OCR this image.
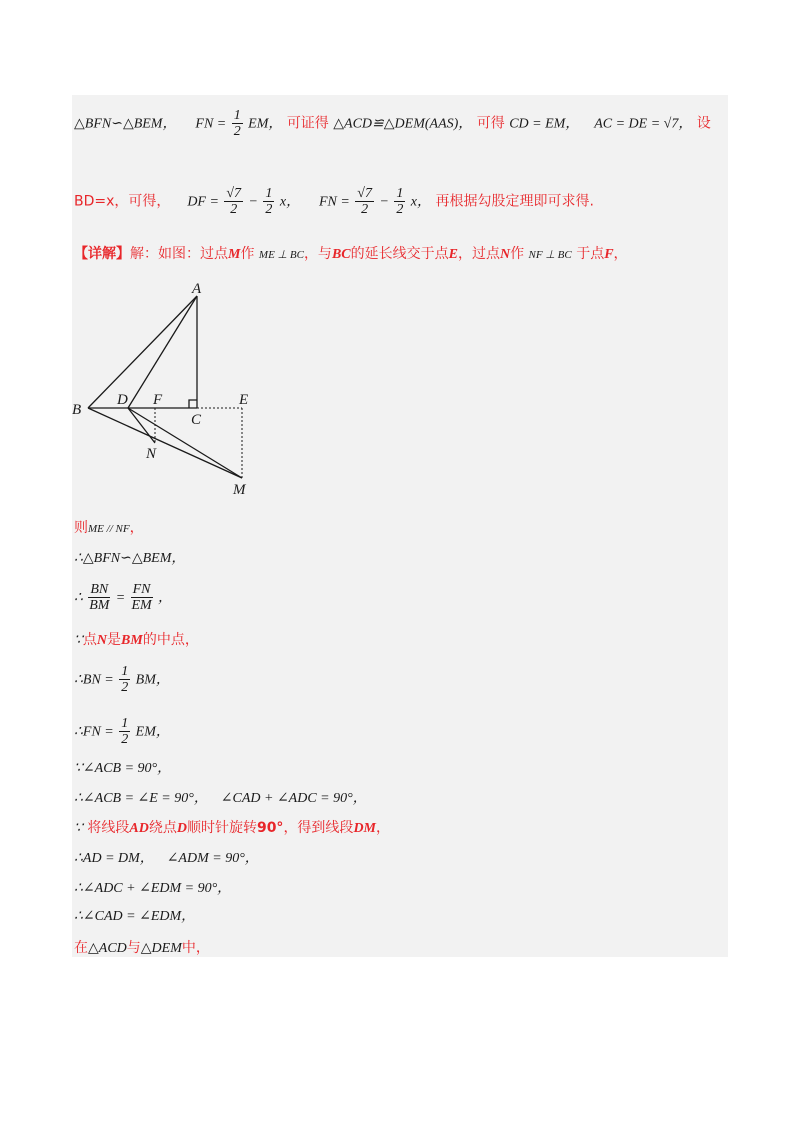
△BFN∽△BEM， FN = $\frac{1}{2}$ EM， 可证得 △ACD≌△DEM(AAS)， 可得 CD = EM， AC = DE = √7， 设
BD=x，可得， DF = $\frac{√7}{2} - \frac{1}{2}$ x， FN = $\frac{√7}{2} - \frac{1}{2}$ x， 再根据勾股定理即可求得.
【详解】解：如图：过点M作 ME ⊥ BC，与BC的延长线交于点E，过点N作 NF ⊥ BC 于点F，
A
B
D F
C
E
N
M
则ME // NF，
∴△BFN∽△BEM，
∴ $\frac{BN}{BM} = \frac{FN}{EM}$ ，
∵点N是BM的中点，
∴BN = $\frac{1}{2}$ BM，
∴FN = $\frac{1}{2}$ EM，
∵∠ACB = 90°，
∴∠ACB = ∠E = 90°， ∠CAD + ∠ADC = 90°，
∵ 将线段AD绕点D顺时针旋转90°，得到线段DM，
∴AD = DM， ∠ADM = 90°，
∴∠ADC + ∠EDM = 90°，
∴∠CAD = ∠EDM，
在△ACD与△DEM中，
